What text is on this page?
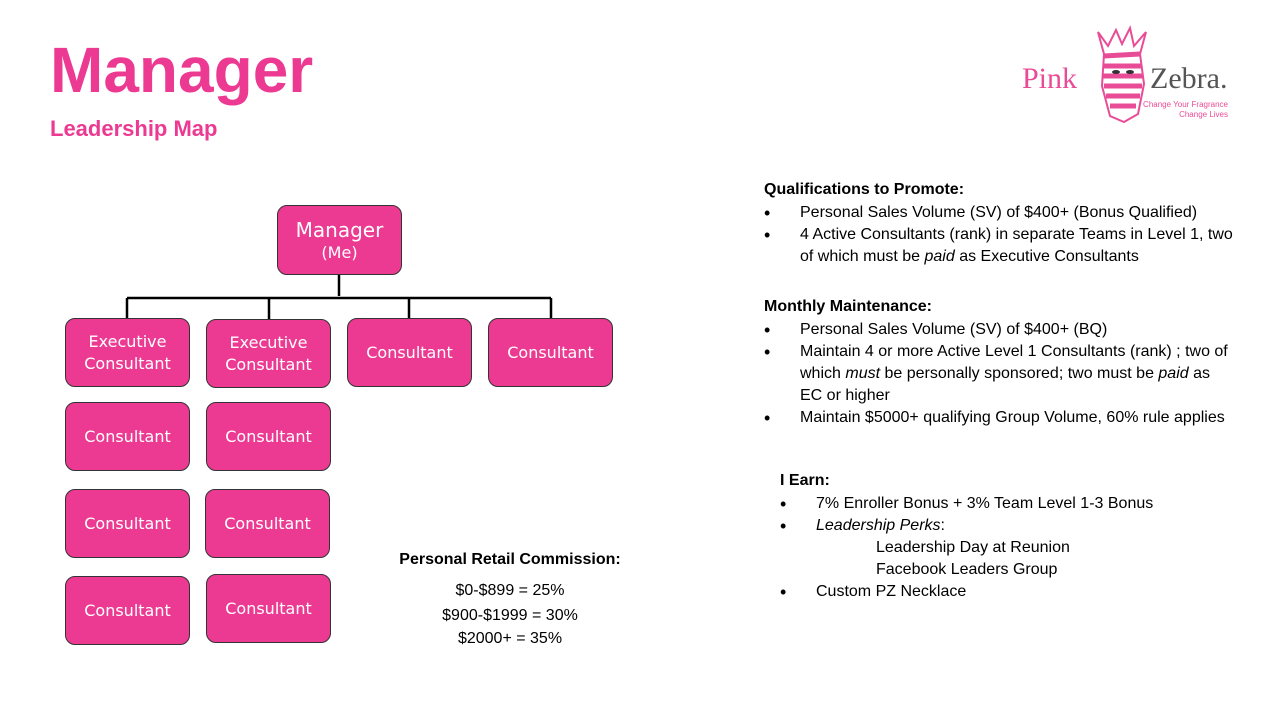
Manager
Leadership Map
Pink Zebra.
Change Your Fragrance
Change Lives
Manager
(Me)
Executive Consultant
Executive Consultant
Consultant	Consultant
Consultant
Consultant
Consultant
Consultant
Consultant
Consultant
Personal Retail Commission:
$0-$899 = 25%
$900-$1999 = 30%
$2000+ = 35%
Qualifications to Promote:
• Personal Sales Volume (SV) of $400+ (Bonus Qualified)
• 4 Active Consultants (rank) in separate Teams in Level 1, two of which must be paid as Executive Consultants
Monthly Maintenance:
• Personal Sales Volume (SV) of $400+ (BQ)
• Maintain 4 or more Active Level 1 Consultants (rank) ; two of which must be personally sponsored; two must be paid as EC or higher
• Maintain $5000+ qualifying Group Volume, 60% rule applies
I Earn:
• 7% Enroller Bonus + 3% Team Level 1-3 Bonus
• Leadership Perks:
Leadership Day at Reunion
Facebook Leaders Group
• Custom PZ Necklace
